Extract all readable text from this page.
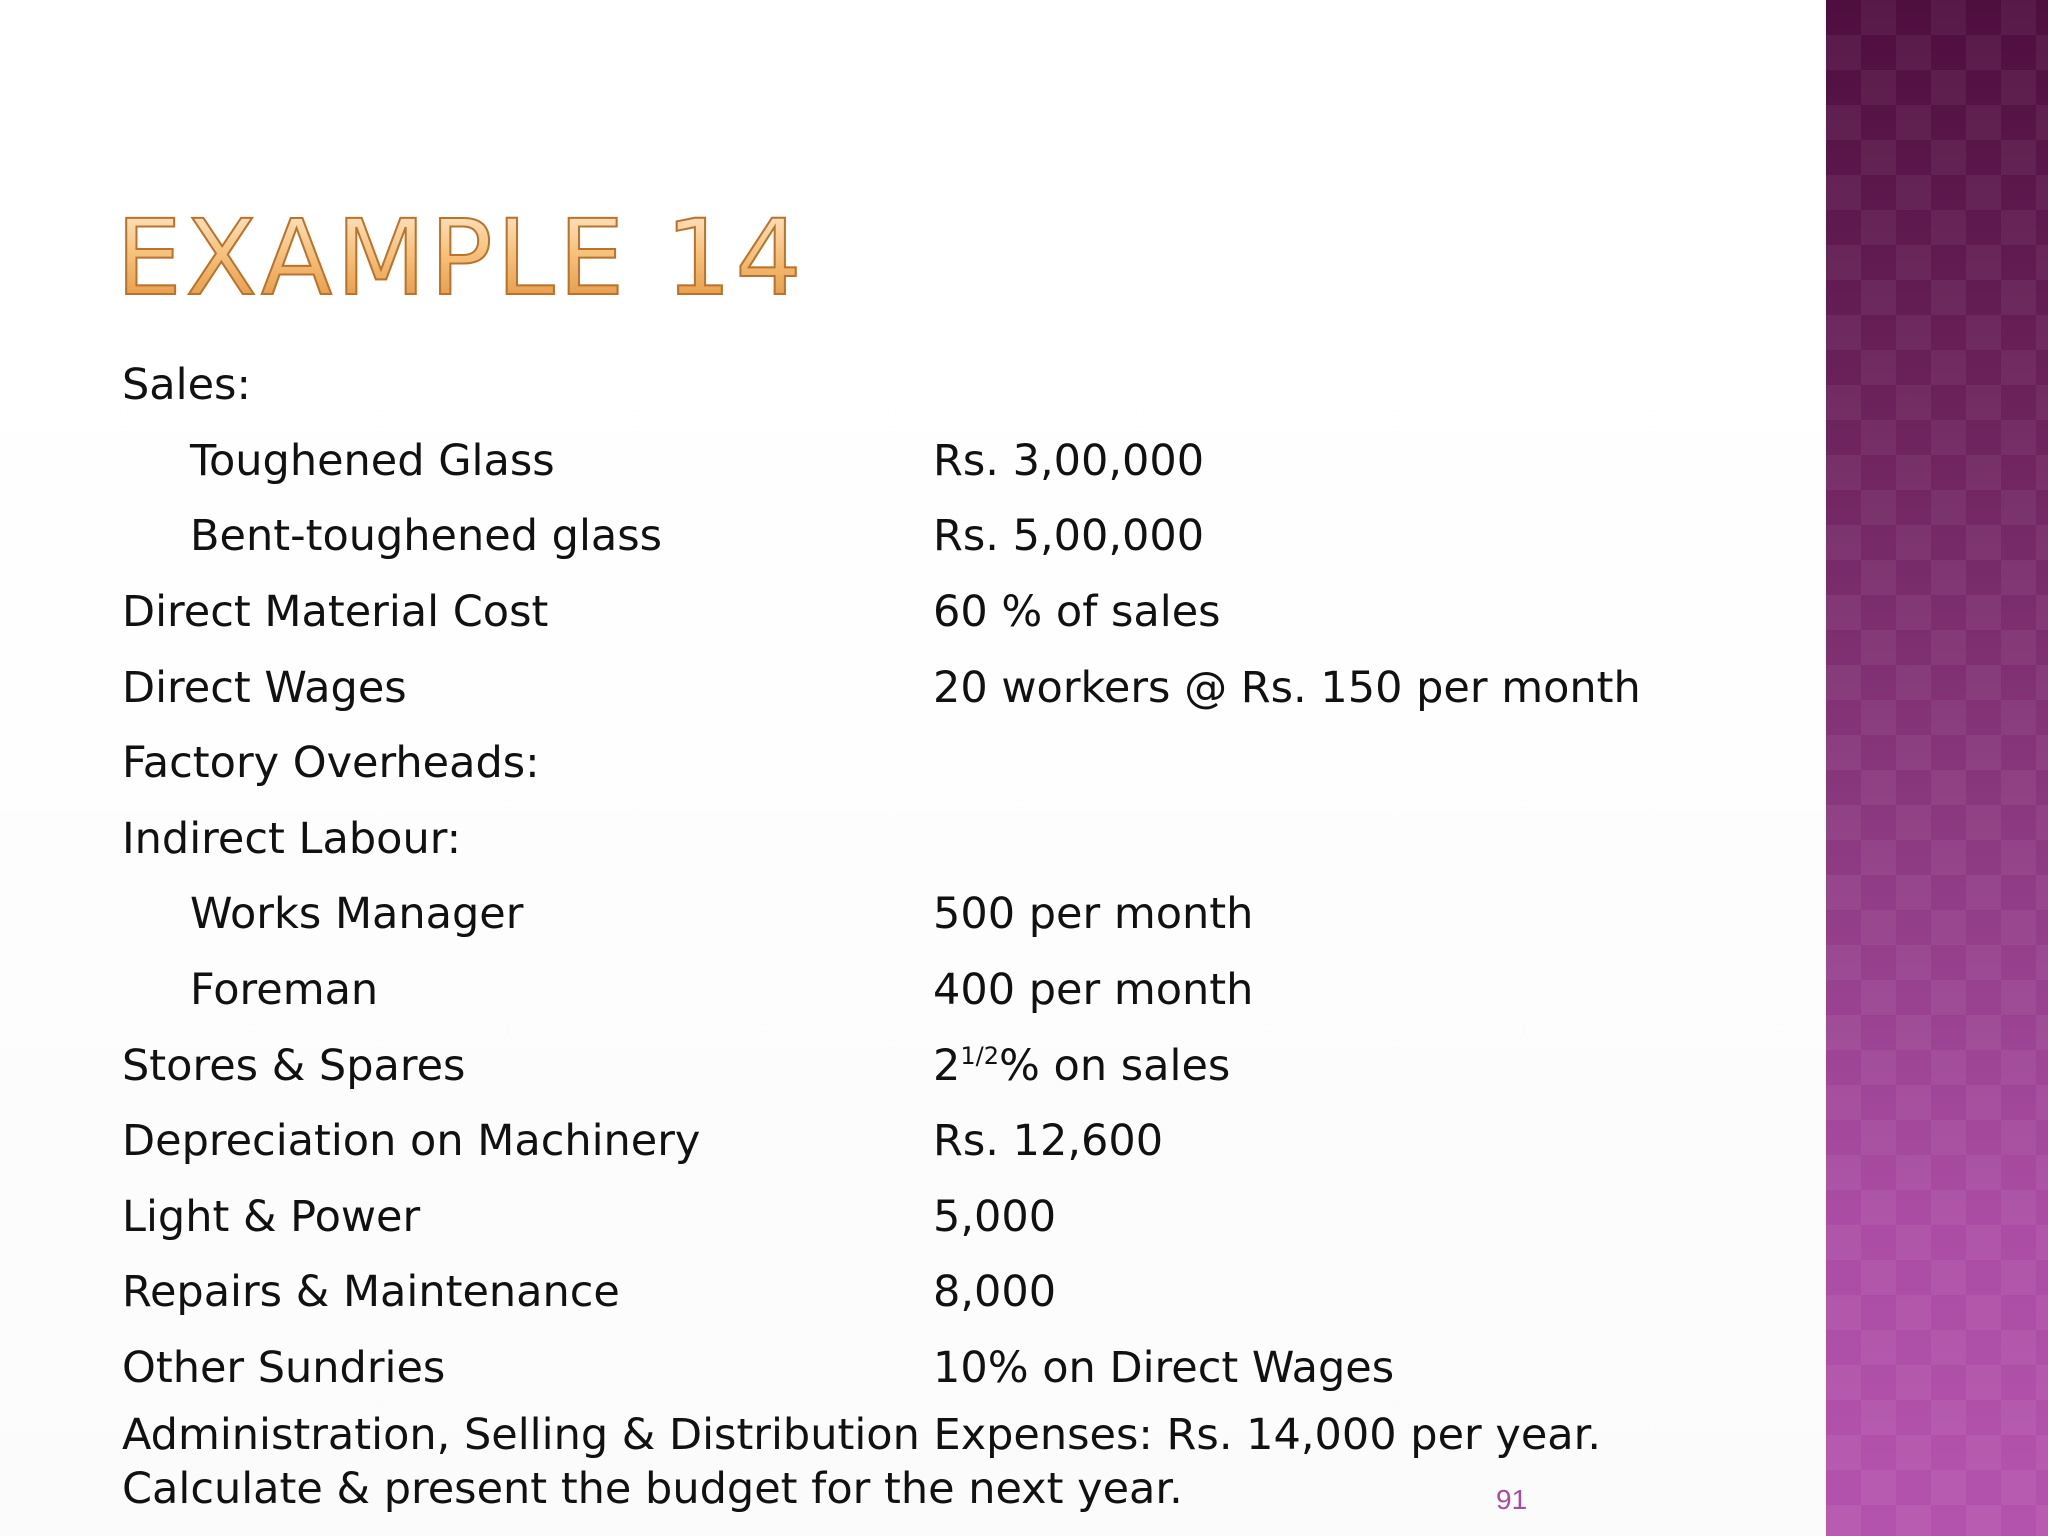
EXAMPLE 14
Sales:
Toughened Glass	Rs. 3,00,000
Bent-toughened glass	Rs. 5,00,000
Direct Material Cost	60 % of sales
Direct Wages	20 workers @ Rs. 150 per month
Factory Overheads:
Indirect Labour:
Works Manager	500 per month
Foreman	400 per month
Stores & Spares	$2^{1/2}\%$ on sales
Depreciation on Machinery	Rs. 12,600
Light & Power	5,000
Repairs & Maintenance	8,000
Other Sundries	10% on Direct Wages
Administration, Selling & Distribution Expenses: Rs. 14,000 per year.
Calculate & present the budget for the next year.	91
